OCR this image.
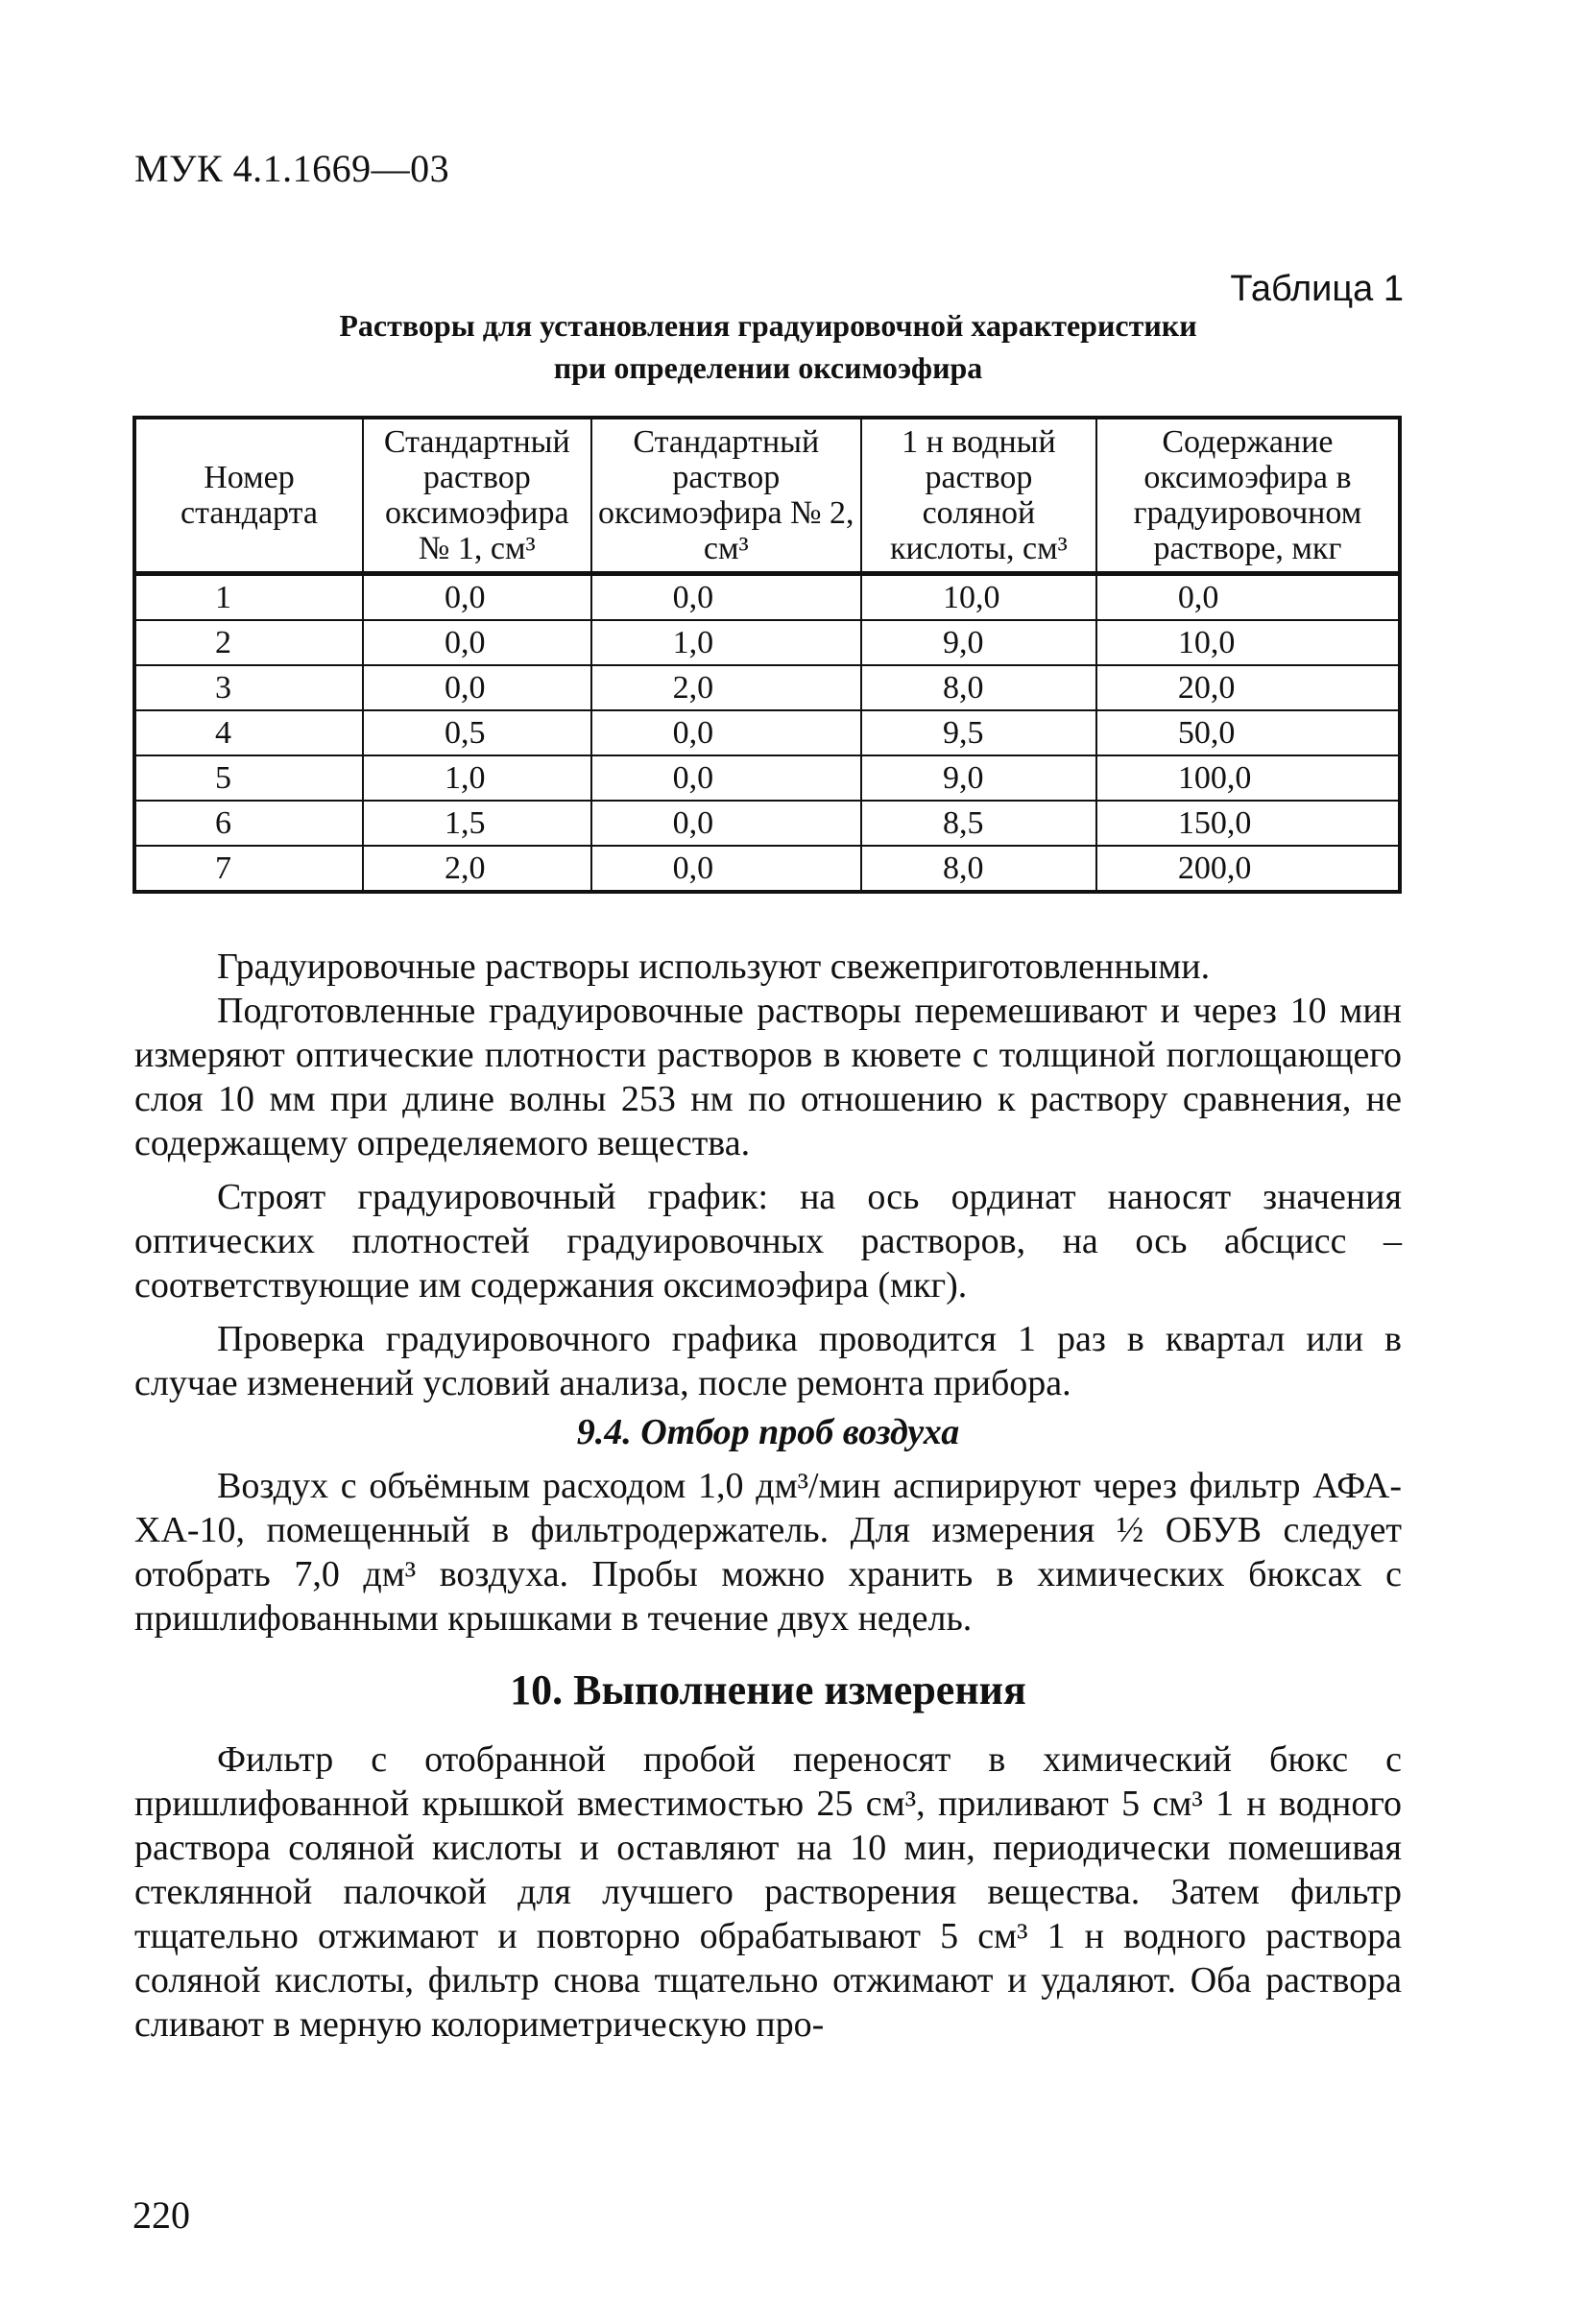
МУК 4.1.1669—03
Таблица 1
Растворы для установления градуировочной характеристики
при определении оксимоэфира
Номер стандарта	Стандартный раствор оксимоэфира № 1, см³	Стандартный раствор оксимоэфира № 2, см³	1 н водный раствор соляной кислоты, см³	Содержание оксимоэфира в градуировочном растворе, мкг
1	0,0	0,0	10,0	0,0
2	0,0	1,0	9,0	10,0
3	0,0	2,0	8,0	20,0
4	0,5	0,0	9,5	50,0
5	1,0	0,0	9,0	100,0
6	1,5	0,0	8,5	150,0
7	2,0	0,0	8,0	200,0

Градуировочные растворы используют свежеприготовленными.

Подготовленные градуировочные растворы перемешивают и через 10 мин измеряют оптические плотности растворов в кювете с толщиной поглощающего слоя 10 мм при длине волны 253 нм по отношению к раствору сравнения, не содержащему определяемого вещества.

Строят градуировочный график: на ось ординат наносят значения оптических плотностей градуировочных растворов, на ось абсцисс – соответствующие им содержания оксимоэфира (мкг).

Проверка градуировочного графика проводится 1 раз в квартал или в случае изменений условий анализа, после ремонта прибора.

9.4. Отбор проб воздуха

Воздух с объёмным расходом 1,0 дм³/мин аспирируют через фильтр АФА-ХА-10, помещенный в фильтродержатель. Для измерения ½ ОБУВ следует отобрать 7,0 дм³ воздуха. Пробы можно хранить в химических бюксах с пришлифованными крышками в течение двух недель.

10. Выполнение измерения

Фильтр с отобранной пробой переносят в химический бюкс с пришлифованной крышкой вместимостью 25 см³, приливают 5 см³ 1 н водного раствора соляной кислоты и оставляют на 10 мин, периодически помешивая стеклянной палочкой для лучшего растворения вещества. Затем фильтр тщательно отжимают и повторно обрабатывают 5 см³ 1 н водного раствора соляной кислоты, фильтр снова тщательно отжимают и удаляют. Оба раствора сливают в мерную колориметрическую про-

220
